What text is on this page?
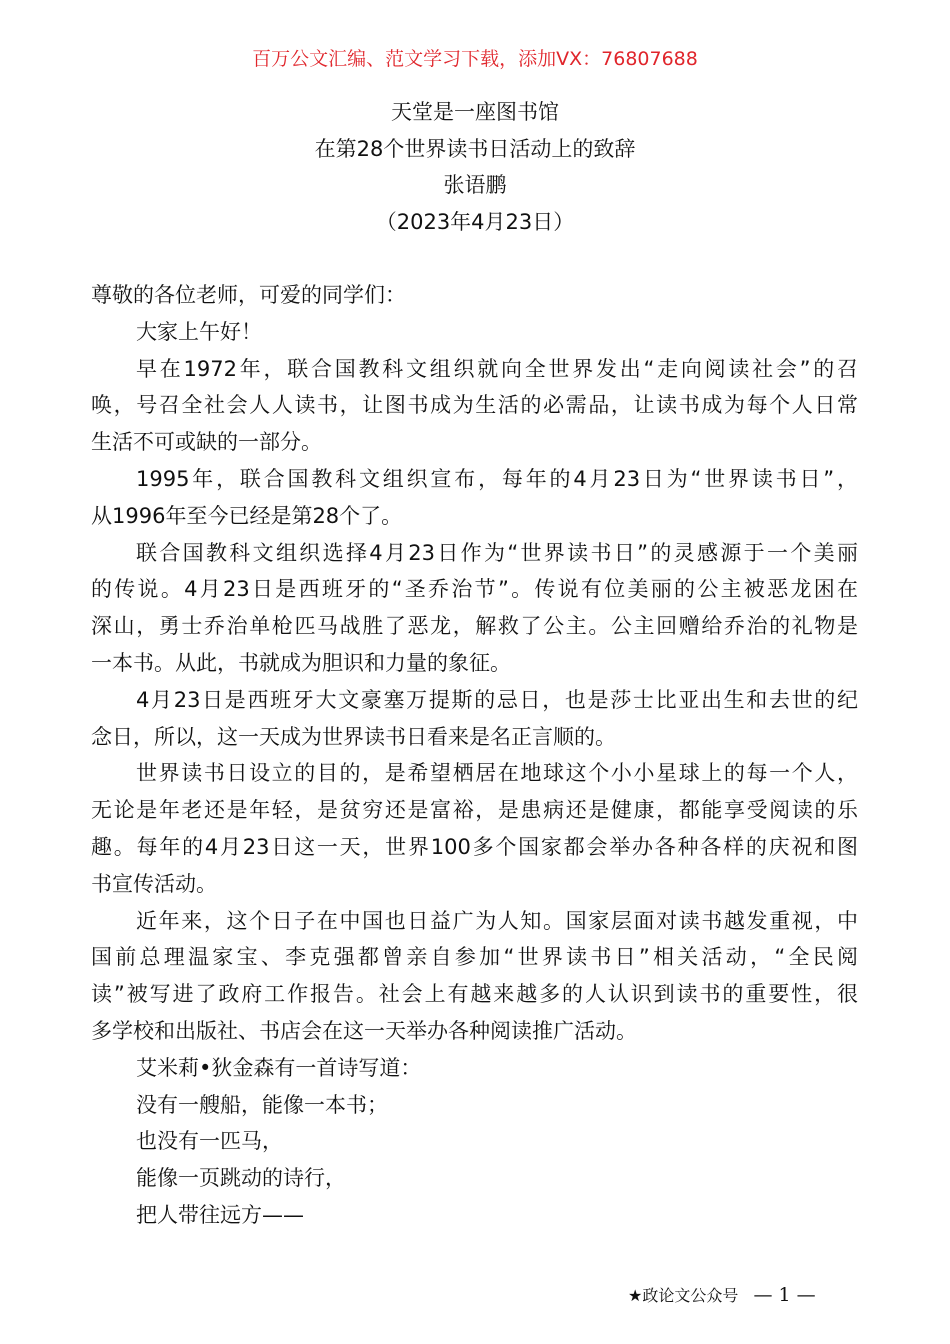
百万公文汇编、范文学习下载，添加VX：76807688
天堂是一座图书馆
在第28个世界读书日活动上的致辞
张语鹏
（2023年4月23日）
尊敬的各位老师，可爱的同学们：
大家上午好！
早在1972年，联合国教科文组织就向全世界发出“走向阅读社会”的召
唤，号召全社会人人读书，让图书成为生活的必需品，让读书成为每个人日常
生活不可或缺的一部分。
1995年，联合国教科文组织宣布，每年的4月23日为“世界读书日”，
从1996年至今已经是第28个了。
联合国教科文组织选择4月23日作为“世界读书日”的灵感源于一个美丽
的传说。4月23日是西班牙的“圣乔治节”。传说有位美丽的公主被恶龙困在
深山，勇士乔治单枪匹马战胜了恶龙，解救了公主。公主回赠给乔治的礼物是
一本书。从此，书就成为胆识和力量的象征。
4月23日是西班牙大文豪塞万提斯的忌日，也是莎士比亚出生和去世的纪
念日，所以，这一天成为世界读书日看来是名正言顺的。
世界读书日设立的目的，是希望栖居在地球这个小小星球上的每一个人，
无论是年老还是年轻，是贫穷还是富裕，是患病还是健康，都能享受阅读的乐
趣。每年的4月23日这一天，世界100多个国家都会举办各种各样的庆祝和图
书宣传活动。
近年来，这个日子在中国也日益广为人知。国家层面对读书越发重视，中
国前总理温家宝、李克强都曾亲自参加“世界读书日”相关活动，“全民阅
读”被写进了政府工作报告。社会上有越来越多的人认识到读书的重要性，很
多学校和出版社、书店会在这一天举办各种阅读推广活动。
艾米莉•狄金森有一首诗写道：
没有一艘船，能像一本书；
也没有一匹马，
能像一页跳动的诗行，
把人带往远方——
★政论文公众号 — 1 —
